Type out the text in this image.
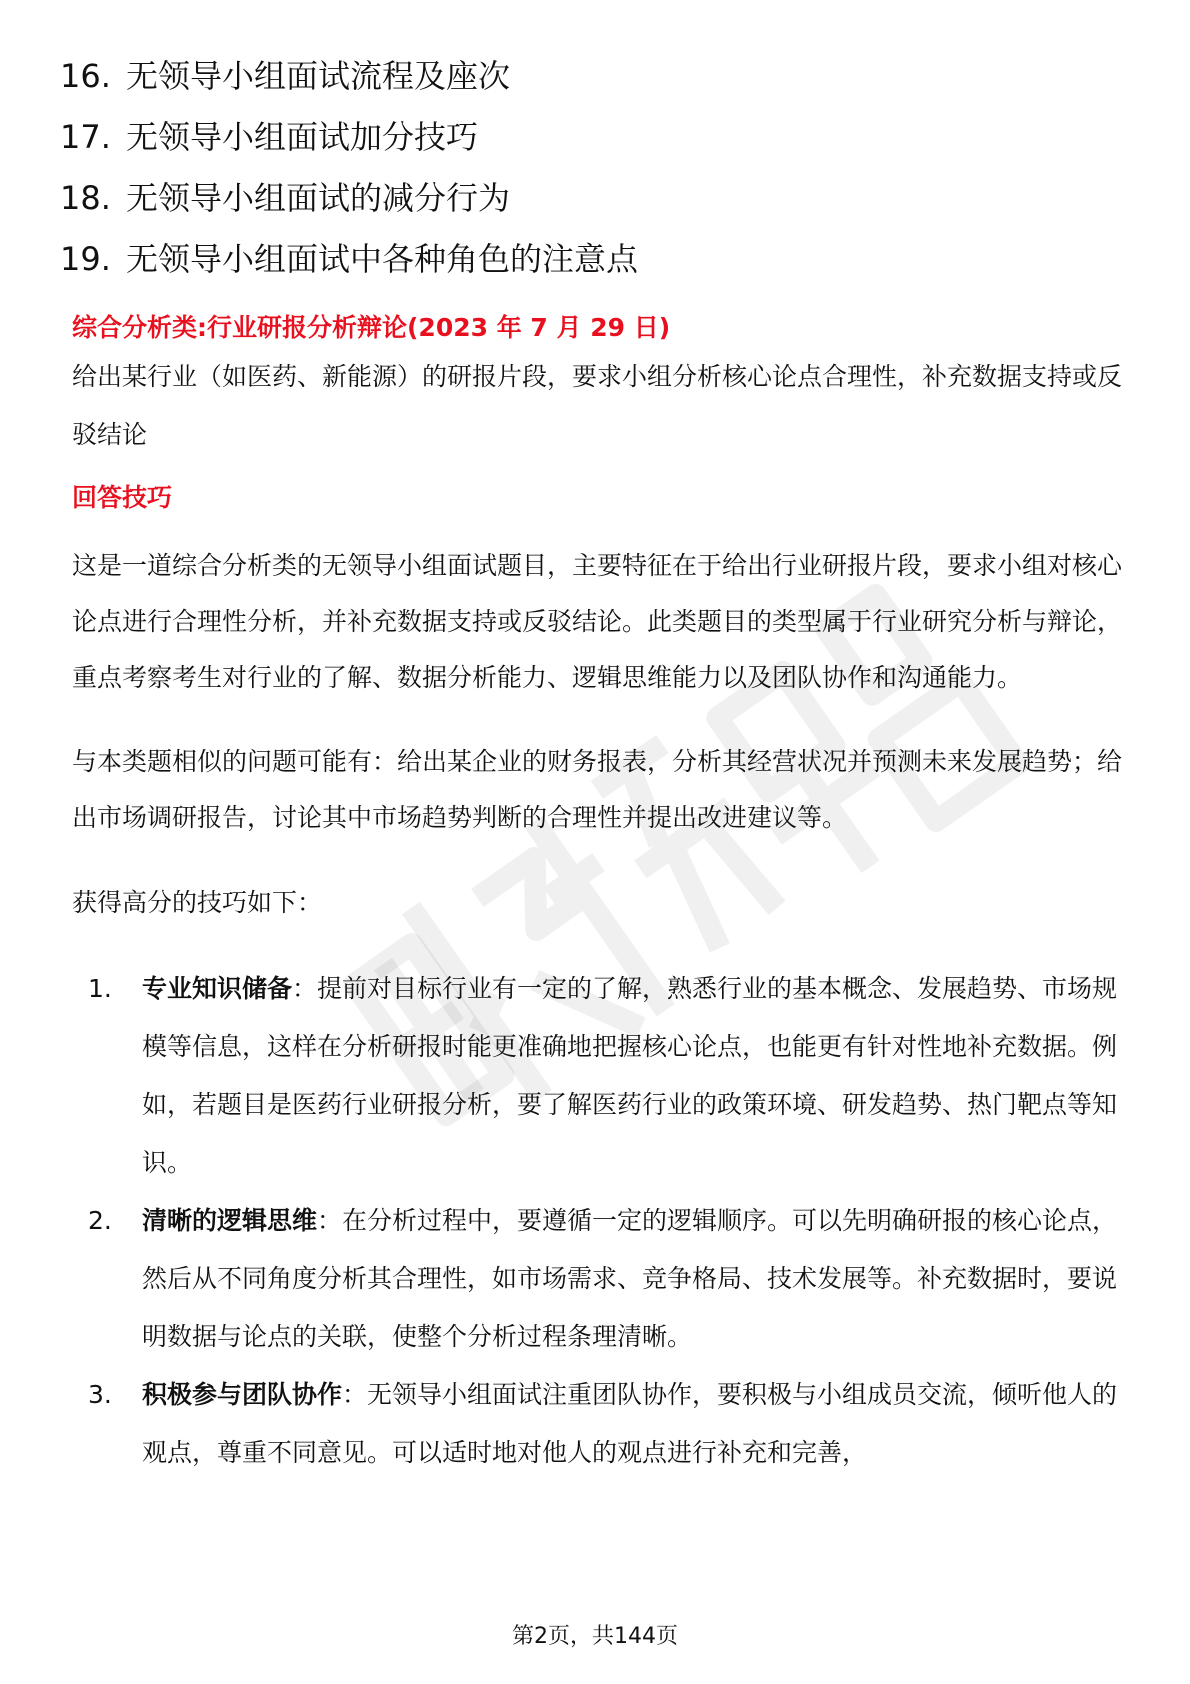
16. 无领导小组面试流程及座次
17. 无领导小组面试加分技巧
18. 无领导小组面试的减分行为
19. 无领导小组面试中各种角色的注意点

综合分析类:行业研报分析辩论(2023 年 7 月 29 日)

给出某行业（如医药、新能源）的研报片段，要求小组分析核心论点合理性，补充数据支持或反驳结论

回答技巧

这是一道综合分析类的无领导小组面试题目，主要特征在于给出行业研报片段，要求小组对核心论点进行合理性分析，并补充数据支持或反驳结论。此类题目的类型属于行业研究分析与辩论，重点考察考生对行业的了解、数据分析能力、逻辑思维能力以及团队协作和沟通能力。

与本类题相似的问题可能有：给出某企业的财务报表，分析其经营状况并预测未来发展趋势；给出市场调研报告，讨论其中市场趋势判断的合理性并提出改进建议等。

获得高分的技巧如下：

1.	专业知识储备：提前对目标行业有一定的了解，熟悉行业的基本概念、发展趋势、市场规模等信息，这样在分析研报时能更准确地把握核心论点，也能更有针对性地补充数据。例如，若题目是医药行业研报分析，要了解医药行业的政策环境、研发趋势、热门靶点等知识。
2.	清晰的逻辑思维：在分析过程中，要遵循一定的逻辑顺序。可以先明确研报的核心论点，然后从不同角度分析其合理性，如市场需求、竞争格局、技术发展等。补充数据时，要说明数据与论点的关联，使整个分析过程条理清晰。
3.	积极参与团队协作：无领导小组面试注重团队协作，要积极与小组成员交流，倾听他人的观点，尊重不同意见。可以适时地对他人的观点进行补充和完善，
第2页，共144页
